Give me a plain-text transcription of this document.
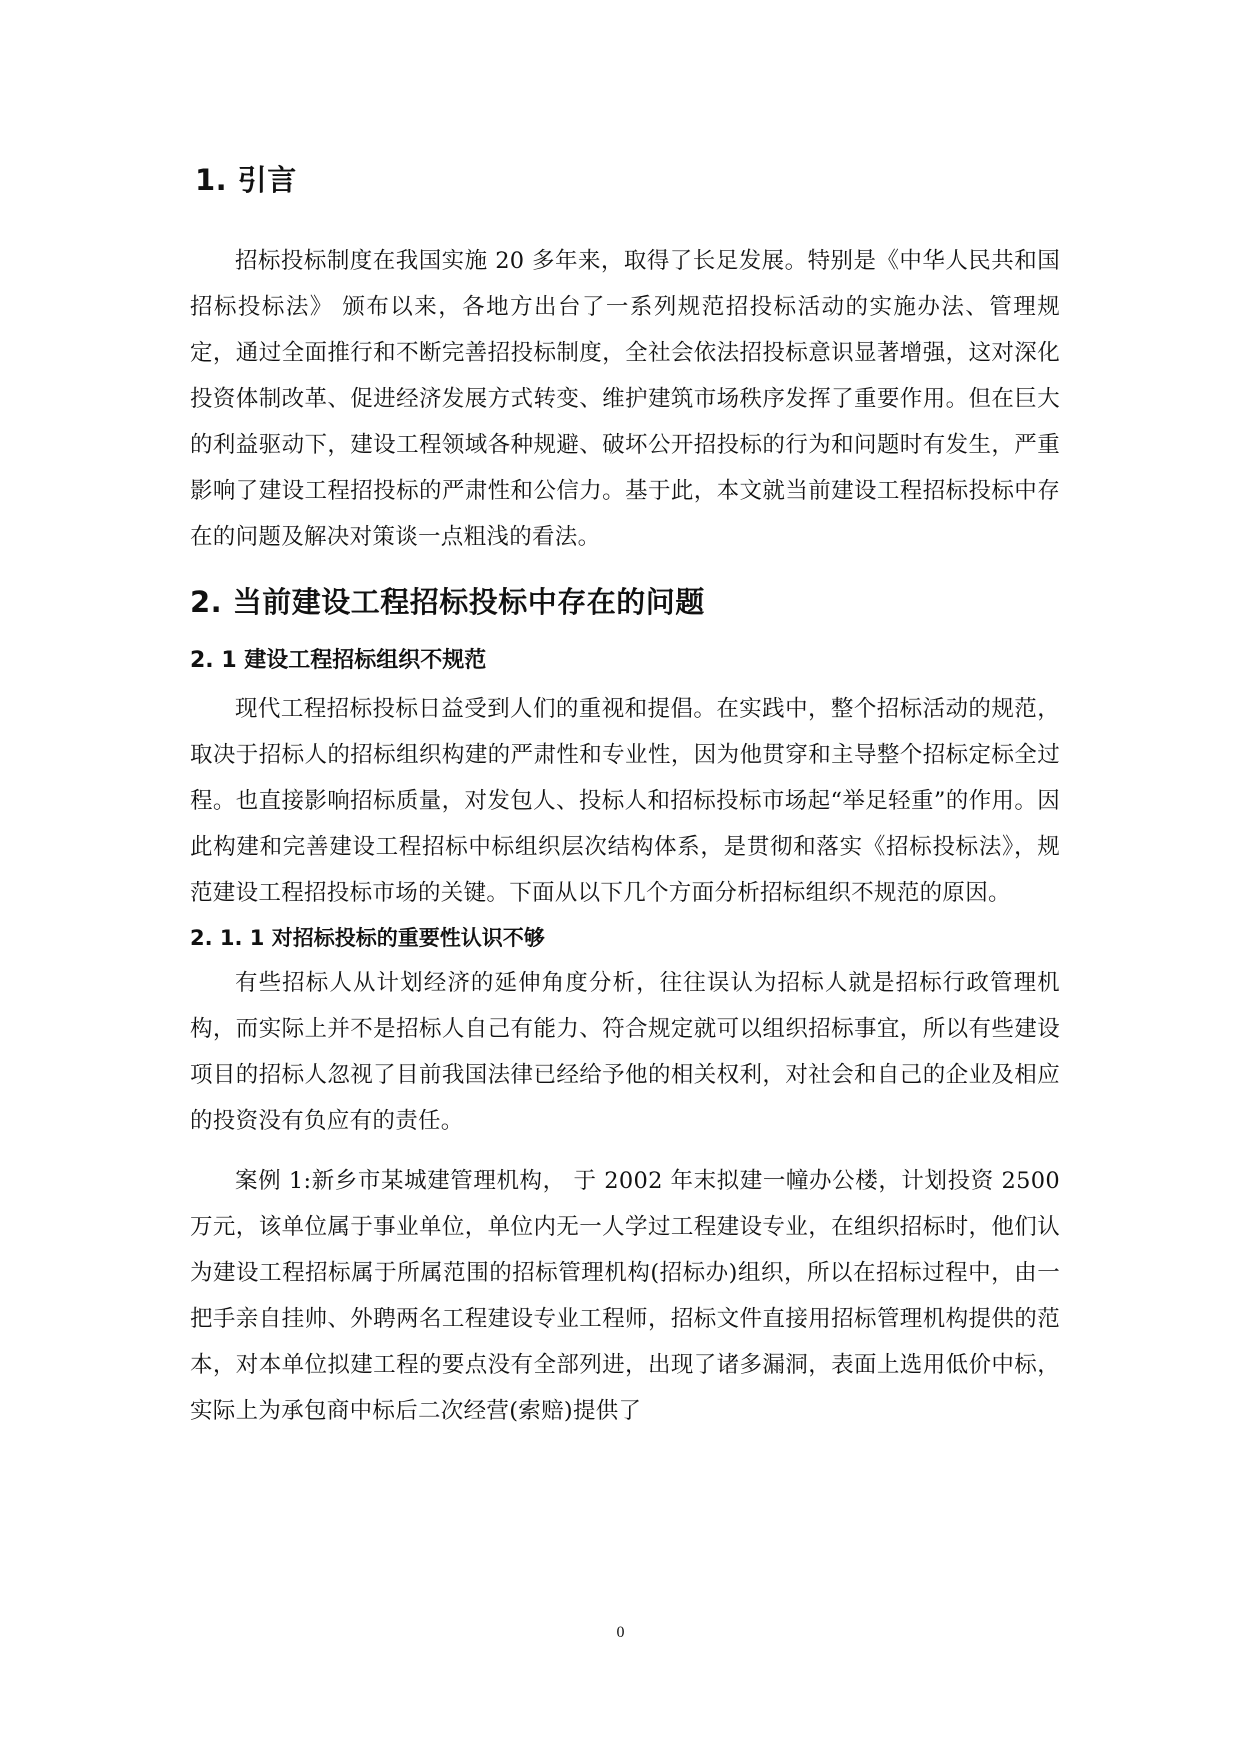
1. 引言

招标投标制度在我国实施 20 多年来，取得了长足发展。特别是《中华人民共和国招标投标法》 颁布以来，各地方出台了一系列规范招投标活动的实施办法、管理规定，通过全面推行和不断完善招投标制度，全社会依法招投标意识显著增强，这对深化投资体制改革、促进经济发展方式转变、维护建筑市场秩序发挥了重要作用。但在巨大的利益驱动下，建设工程领域各种规避、破坏公开招投标的行为和问题时有发生，严重影响了建设工程招投标的严肃性和公信力。基于此，本文就当前建设工程招标投标中存在的问题及解决对策谈一点粗浅的看法。

2. 当前建设工程招标投标中存在的问题
2. 1 建设工程招标组织不规范

现代工程招标投标日益受到人们的重视和提倡。在实践中，整个招标活动的规范，取决于招标人的招标组织构建的严肃性和专业性，因为他贯穿和主导整个招标定标全过程。也直接影响招标质量，对发包人、投标人和招标投标市场起“举足轻重”的作用。因此构建和完善建设工程招标中标组织层次结构体系，是贯彻和落实《招标投标法》，规范建设工程招投标市场的关键。下面从以下几个方面分析招标组织不规范的原因。

2. 1. 1 对招标投标的重要性认识不够

有些招标人从计划经济的延伸角度分析，往往误认为招标人就是招标行政管理机构，而实际上并不是招标人自己有能力、符合规定就可以组织招标事宜，所以有些建设项目的招标人忽视了目前我国法律已经给予他的相关权利，对社会和自己的企业及相应的投资没有负应有的责任。

案例 1:新乡市某城建管理机构， 于 2002 年末拟建一幢办公楼，计划投资 2500 万元，该单位属于事业单位，单位内无一人学过工程建设专业，在组织招标时，他们认为建设工程招标属于所属范围的招标管理机构(招标办)组织，所以在招标过程中，由一把手亲自挂帅、外聘两名工程建设专业工程师，招标文件直接用招标管理机构提供的范本，对本单位拟建工程的要点没有全部列进，出现了诸多漏洞，表面上选用低价中标，实际上为承包商中标后二次经营(索赔)提供了

0
